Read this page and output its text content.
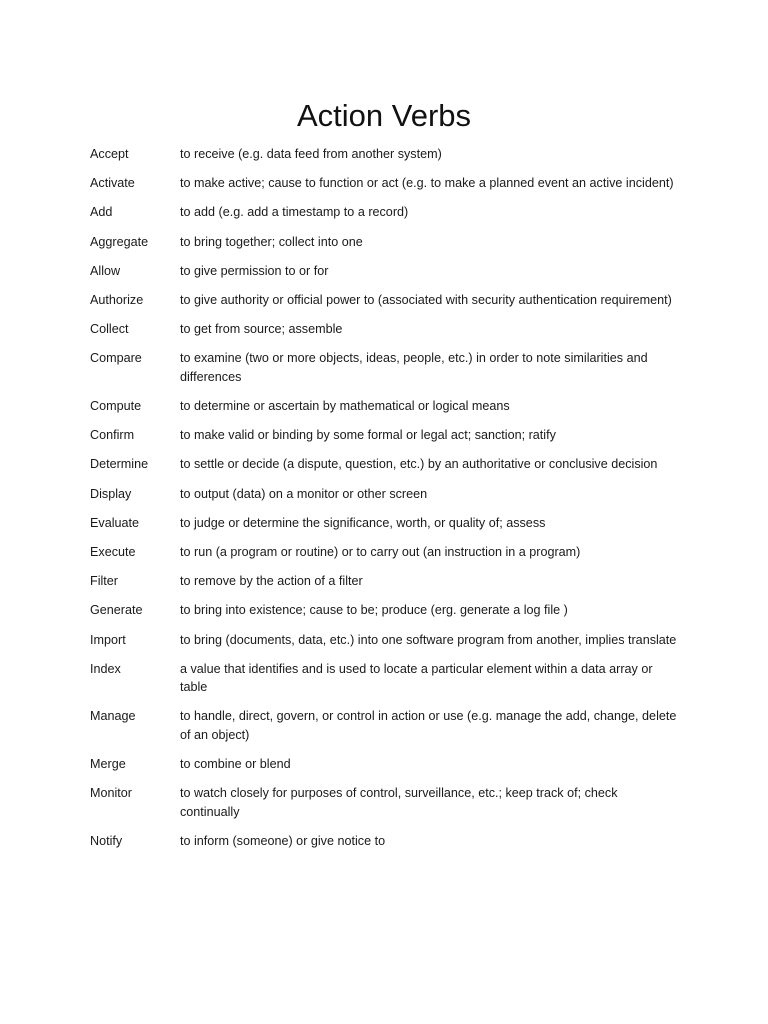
Action Verbs
Accept	to receive (e.g. data feed from another system)
Activate	to make active; cause to function or act (e.g. to make a planned event an active incident)
Add	to add (e.g. add a timestamp to a record)
Aggregate	to bring together; collect into one
Allow	to give permission to or for
Authorize	to give authority or official power to (associated with security authentication requirement)
Collect	to get from source; assemble
Compare	to examine (two or more objects, ideas, people, etc.) in order to note similarities and differences
Compute	to determine or ascertain by mathematical or logical means
Confirm	to make valid or binding by some formal or legal act; sanction; ratify
Determine	to settle or decide (a dispute, question, etc.) by an authoritative or conclusive decision
Display	to output (data) on a monitor or other screen
Evaluate	to judge or determine the significance, worth, or quality of; assess
Execute	to run (a program or routine) or to carry out (an instruction in a program)
Filter	to remove by the action of a filter
Generate	to bring into existence; cause to be; produce (erg. generate a log file )
Import	to bring (documents, data, etc.) into one software program from another, implies translate
Index	a value that identifies and is used to locate a particular element within a data array or table
Manage	to handle, direct, govern, or control in action or use (e.g. manage the add, change, delete of an object)
Merge	to combine or blend
Monitor	to watch closely for purposes of control, surveillance, etc.; keep track of; check continually
Notify	to inform (someone) or give notice to
